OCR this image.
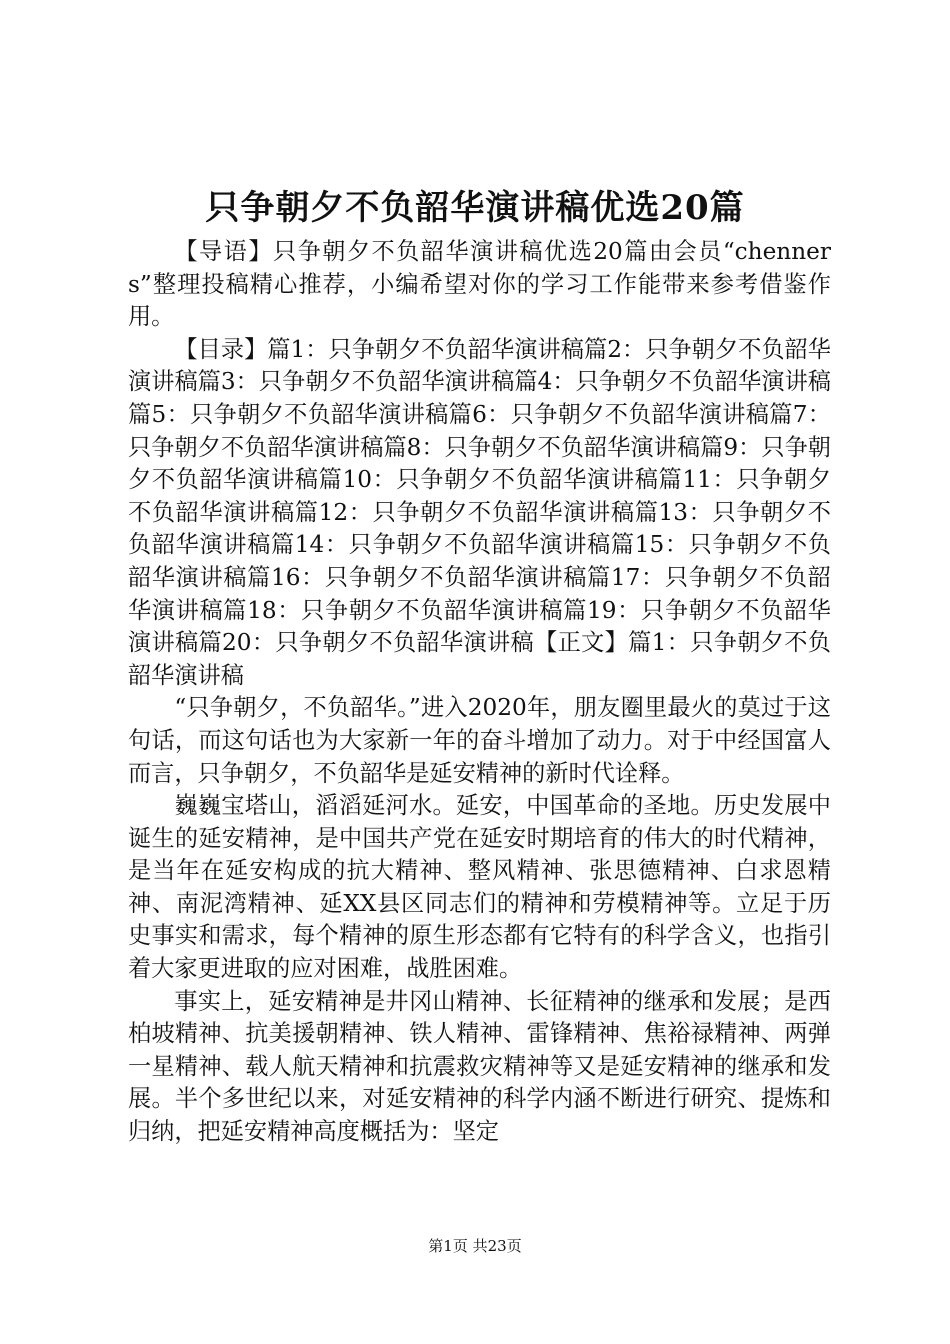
只争朝夕不负韶华演讲稿优选20篇

【导语】只争朝夕不负韶华演讲稿优选20篇由会员“chenners”整理投稿精心推荐，小编希望对你的学习工作能带来参考借鉴作用。

【目录】篇1：只争朝夕不负韶华演讲稿篇2：只争朝夕不负韶华演讲稿篇3：只争朝夕不负韶华演讲稿篇4：只争朝夕不负韶华演讲稿篇5：只争朝夕不负韶华演讲稿篇6：只争朝夕不负韶华演讲稿篇7：只争朝夕不负韶华演讲稿篇8：只争朝夕不负韶华演讲稿篇9：只争朝夕不负韶华演讲稿篇10：只争朝夕不负韶华演讲稿篇11：只争朝夕不负韶华演讲稿篇12：只争朝夕不负韶华演讲稿篇13：只争朝夕不负韶华演讲稿篇14：只争朝夕不负韶华演讲稿篇15：只争朝夕不负韶华演讲稿篇16：只争朝夕不负韶华演讲稿篇17：只争朝夕不负韶华演讲稿篇18：只争朝夕不负韶华演讲稿篇19：只争朝夕不负韶华演讲稿篇20：只争朝夕不负韶华演讲稿【正文】篇1：只争朝夕不负韶华演讲稿

“只争朝夕，不负韶华。”进入2020年，朋友圈里最火的莫过于这句话，而这句话也为大家新一年的奋斗增加了动力。对于中经国富人而言，只争朝夕，不负韶华是延安精神的新时代诠释。

巍巍宝塔山，滔滔延河水。延安，中国革命的圣地。历史发展中诞生的延安精神，是中国共产党在延安时期培育的伟大的时代精神，是当年在延安构成的抗大精神、整风精神、张思德精神、白求恩精神、南泥湾精神、延XX县区同志们的精神和劳模精神等。立足于历史事实和需求，每个精神的原生形态都有它特有的科学含义，也指引着大家更进取的应对困难，战胜困难。

事实上，延安精神是井冈山精神、长征精神的继承和发展；是西柏坡精神、抗美援朝精神、铁人精神、雷锋精神、焦裕禄精神、两弹一星精神、载人航天精神和抗震救灾精神等又是延安精神的继承和发展。半个多世纪以来，对延安精神的科学内涵不断进行研究、提炼和归纳，把延安精神高度概括为：坚定

第1页 共23页
